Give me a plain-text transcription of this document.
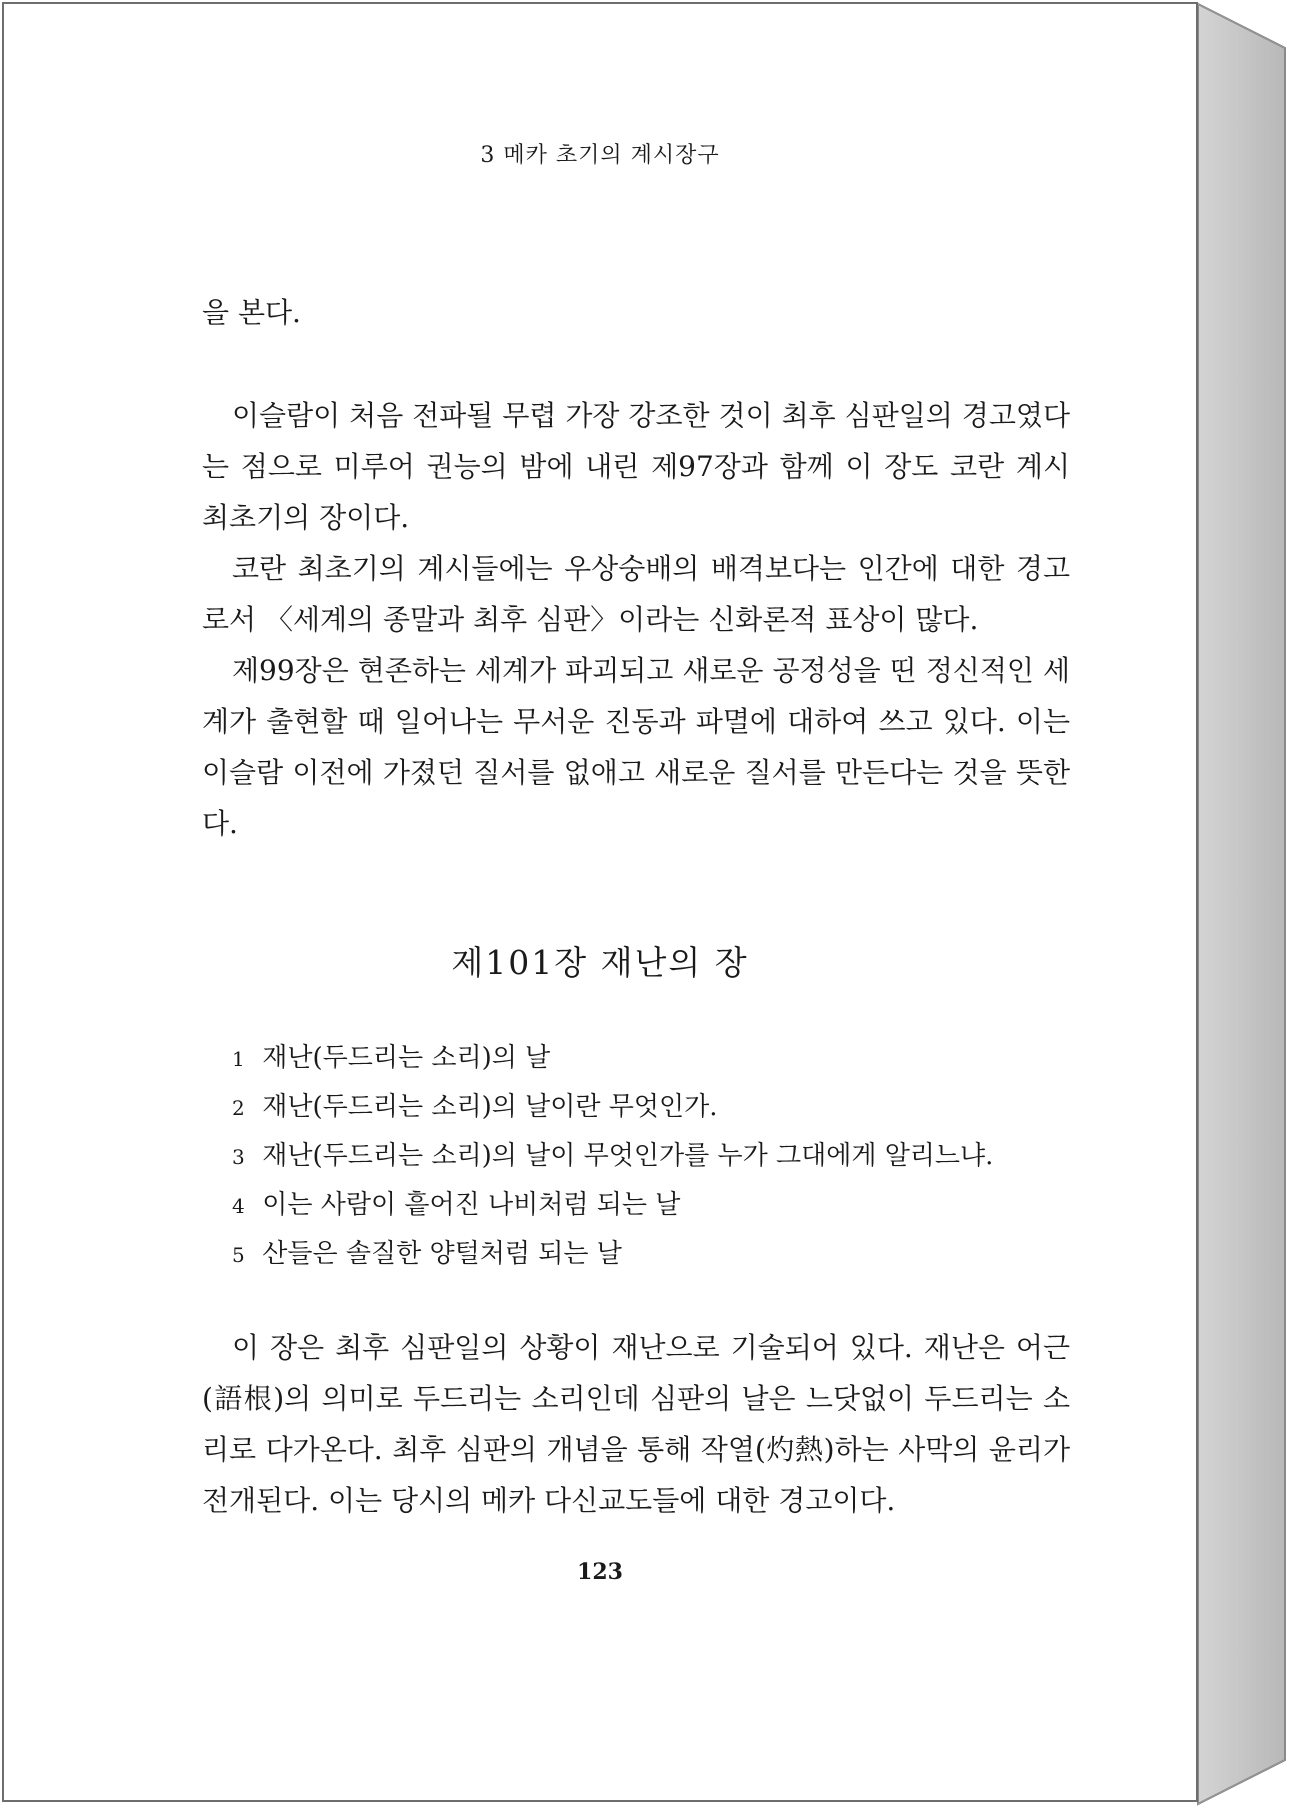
3 메카 초기의 계시장구

을 본다.

이슬람이 처음 전파될 무렵 가장 강조한 것이 최후 심판일의 경고였다는 점으로 미루어 권능의 밤에 내린 제97장과 함께 이 장도 코란 계시 최초기의 장이다.

코란 최초기의 계시들에는 우상숭배의 배격보다는 인간에 대한 경고로서 〈세계의 종말과 최후 심판〉이라는 신화론적 표상이 많다.

제99장은 현존하는 세계가 파괴되고 새로운 공정성을 띤 정신적인 세계가 출현할 때 일어나는 무서운 진동과 파멸에 대하여 쓰고 있다. 이는 이슬람 이전에 가졌던 질서를 없애고 새로운 질서를 만든다는 것을 뜻한다.

제101장 재난의 장
1 재난(두드리는 소리)의 날
2 재난(두드리는 소리)의 날이란 무엇인가.
3 재난(두드리는 소리)의 날이 무엇인가를 누가 그대에게 알리느냐.
4 이는 사람이 흩어진 나비처럼 되는 날
5 산들은 솔질한 양털처럼 되는 날

이 장은 최후 심판일의 상황이 재난으로 기술되어 있다. 재난은 어근(語根)의 의미로 두드리는 소리인데 심판의 날은 느닷없이 두드리는 소리로 다가온다. 최후 심판의 개념을 통해 작열(灼熱)하는 사막의 윤리가 전개된다. 이는 당시의 메카 다신교도들에 대한 경고이다.

123
